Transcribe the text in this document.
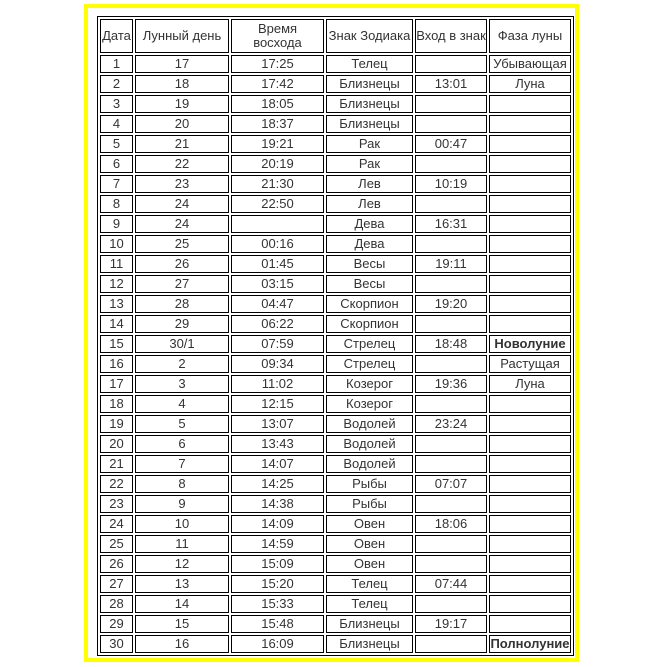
Дата	Лунный день	Время восхода	Знак Зодиака	Вход в знак	Фаза луны
1	17	17:25	Телец		Убывающая
2	18	17:42	Близнецы	13:01	Луна
3	19	18:05	Близнецы		
4	20	18:37	Близнецы		
5	21	19:21	Рак	00:47	
6	22	20:19	Рак		
7	23	21:30	Лев	10:19	
8	24	22:50	Лев		
9	24		Дева	16:31	
10	25	00:16	Дева		
11	26	01:45	Весы	19:11	
12	27	03:15	Весы		
13	28	04:47	Скорпион	19:20	
14	29	06:22	Скорпион		
15	30/1	07:59	Стрелец	18:48	Новолуние
16	2	09:34	Стрелец		Растущая
17	3	11:02	Козерог	19:36	Луна
18	4	12:15	Козерог		
19	5	13:07	Водолей	23:24	
20	6	13:43	Водолей		
21	7	14:07	Водолей		
22	8	14:25	Рыбы	07:07	
23	9	14:38	Рыбы		
24	10	14:09	Овен	18:06	
25	11	14:59	Овен		
26	12	15:09	Овен		
27	13	15:20	Телец	07:44	
28	14	15:33	Телец		
29	15	15:48	Близнецы	19:17	
30	16	16:09	Близнецы		Полнолуние
